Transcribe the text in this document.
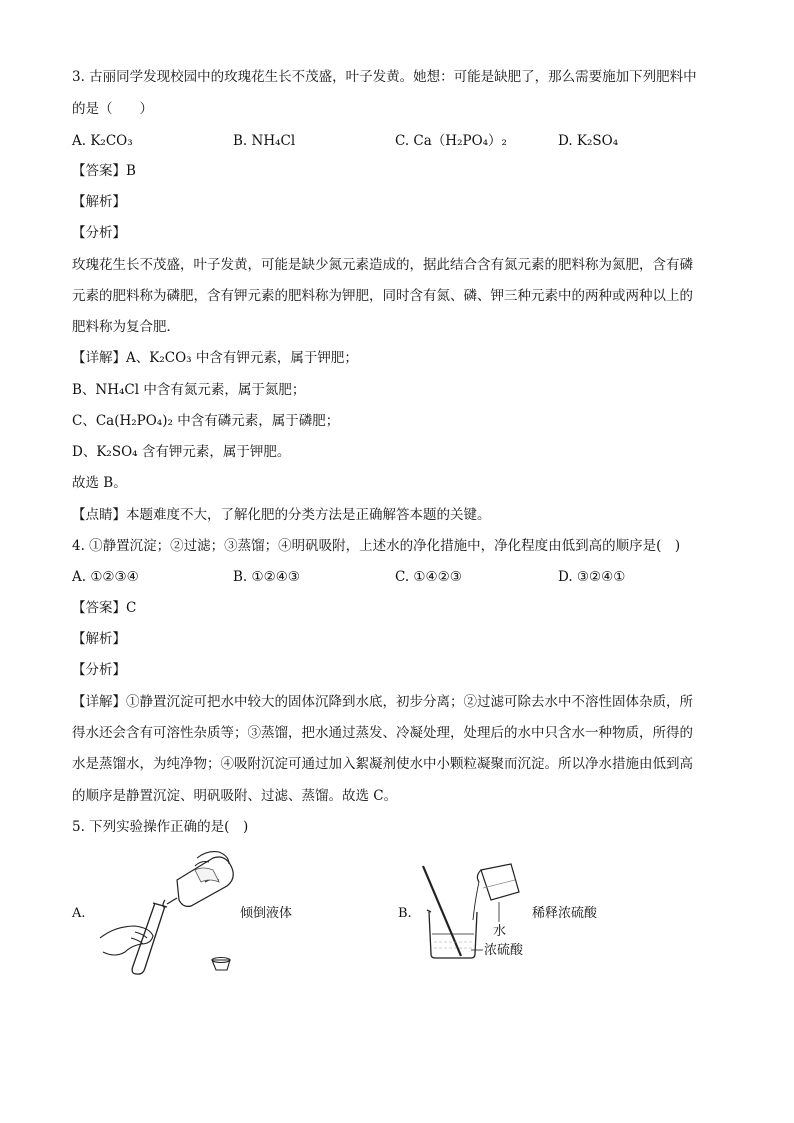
3. 古丽同学发现校园中的玫瑰花生长不茂盛，叶子发黄。她想：可能是缺肥了，那么需要施加下列肥料中
的是（　　）
A. K₂CO₃	B. NH₄Cl	C. Ca（H₂PO₄）₂	D. K₂SO₄
【答案】B
【解析】
【分析】
玫瑰花生长不茂盛，叶子发黄，可能是缺少氮元素造成的，据此结合含有氮元素的肥料称为氮肥，含有磷
元素的肥料称为磷肥，含有钾元素的肥料称为钾肥，同时含有氮、磷、钾三种元素中的两种或两种以上的
肥料称为复合肥．
【详解】A、K₂CO₃ 中含有钾元素，属于钾肥；
B、NH₄Cl 中含有氮元素，属于氮肥；
C、Ca(H₂PO₄)₂ 中含有磷元素，属于磷肥；
D、K₂SO₄ 含有钾元素，属于钾肥。
故选 B。
【点睛】本题难度不大，了解化肥的分类方法是正确解答本题的关键。
4. ①静置沉淀；②过滤；③蒸馏；④明矾吸附，上述水的净化措施中，净化程度由低到高的顺序是(　)
A. ①②③④	B. ①②④③	C. ①④②③	D. ③②④①
【答案】C
【解析】
【分析】
【详解】①静置沉淀可把水中较大的固体沉降到水底，初步分离；②过滤可除去水中不溶性固体杂质，所
得水还会含有可溶性杂质等；③蒸馏，把水通过蒸发、冷凝处理，处理后的水中只含水一种物质，所得的
水是蒸馏水，为纯净物；④吸附沉淀可通过加入絮凝剂使水中小颗粒凝聚而沉淀。所以净水措施由低到高
的顺序是静置沉淀、明矾吸附、过滤、蒸馏。故选 C。
5. 下列实验操作正确的是(　)
A.	倾倒液体	B.	稀释浓硫酸
水
浓硫酸
